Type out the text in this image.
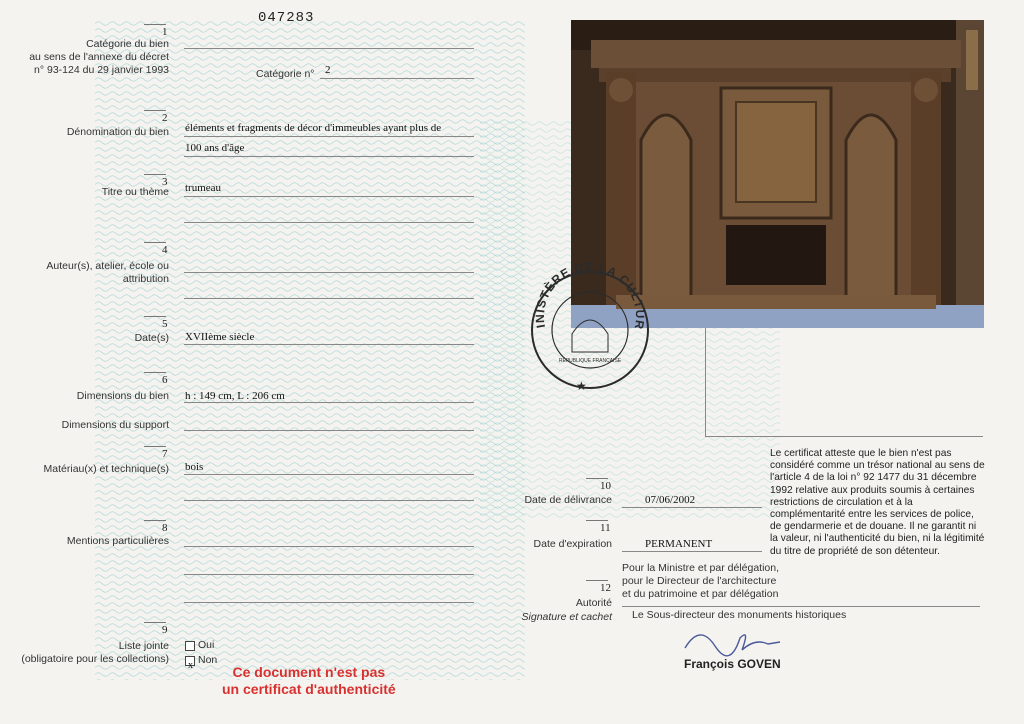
047283
1
Catégorie du bien
au sens de l'annexe du décret
n° 93-124 du 29 janvier 1993	Catégorie n° 2
2
Dénomination du bien éléments et fragments de décor d'immeubles ayant plus de
100 ans d'âge
3
Titre ou thème trumeau
4
Auteur(s), atelier, école ou
attribution
5
Date(s) XVIIème siècle
6
Dimensions du bien h : 149 cm, L : 206 cm
Dimensions du support
7
Matériau(x) et technique(s) bois
8
Mentions particulières
9
Liste jointe
(obligatoire pour les collections)
Oui
x Non
10
Date de délivrance	07/06/2002
11
Date d'expiration	PERMANENT
12
Autorité
Signature et cachet
INISTÈRE DE LA CULTUR
RÉPUBLIQUE FRANÇAISE
★
Le certificat atteste que le bien n'est pas considéré comme un trésor national au sens de l'article 4 de la loi n° 92 1477 du 31 décembre 1992 relative aux produits soumis à certaines restrictions de circulation et à la complémentarité entre les services de police, de gendarmerie et de douane. Il ne garantit ni la valeur, ni l'authenticité du bien, ni la légitimité du titre de propriété de son détenteur.
Pour la Ministre et par délégation,
pour le Directeur de l'architecture
et du patrimoine et par délégation
Le Sous-directeur des monuments historiques
François GOVEN
Ce document n'est pas
un certificat d'authenticité
